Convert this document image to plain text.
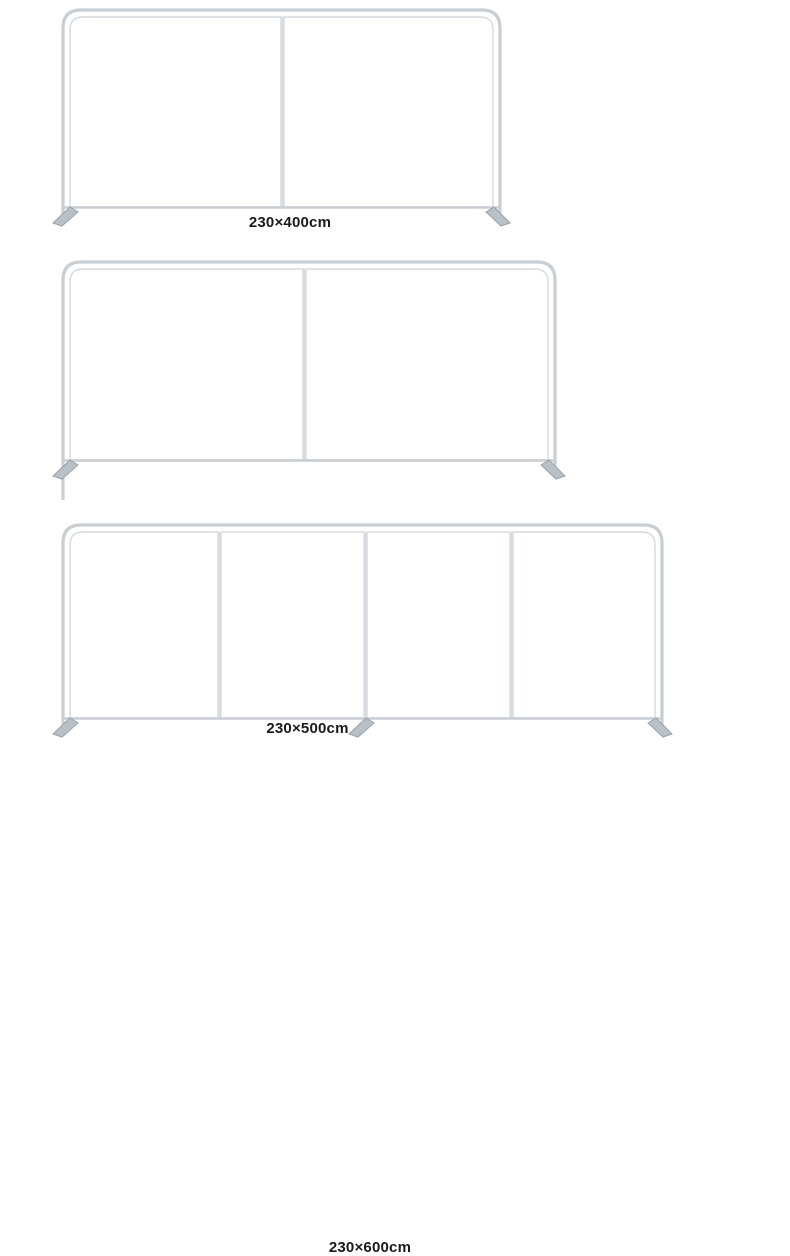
230×400cm
230×500cm
230×600cm
